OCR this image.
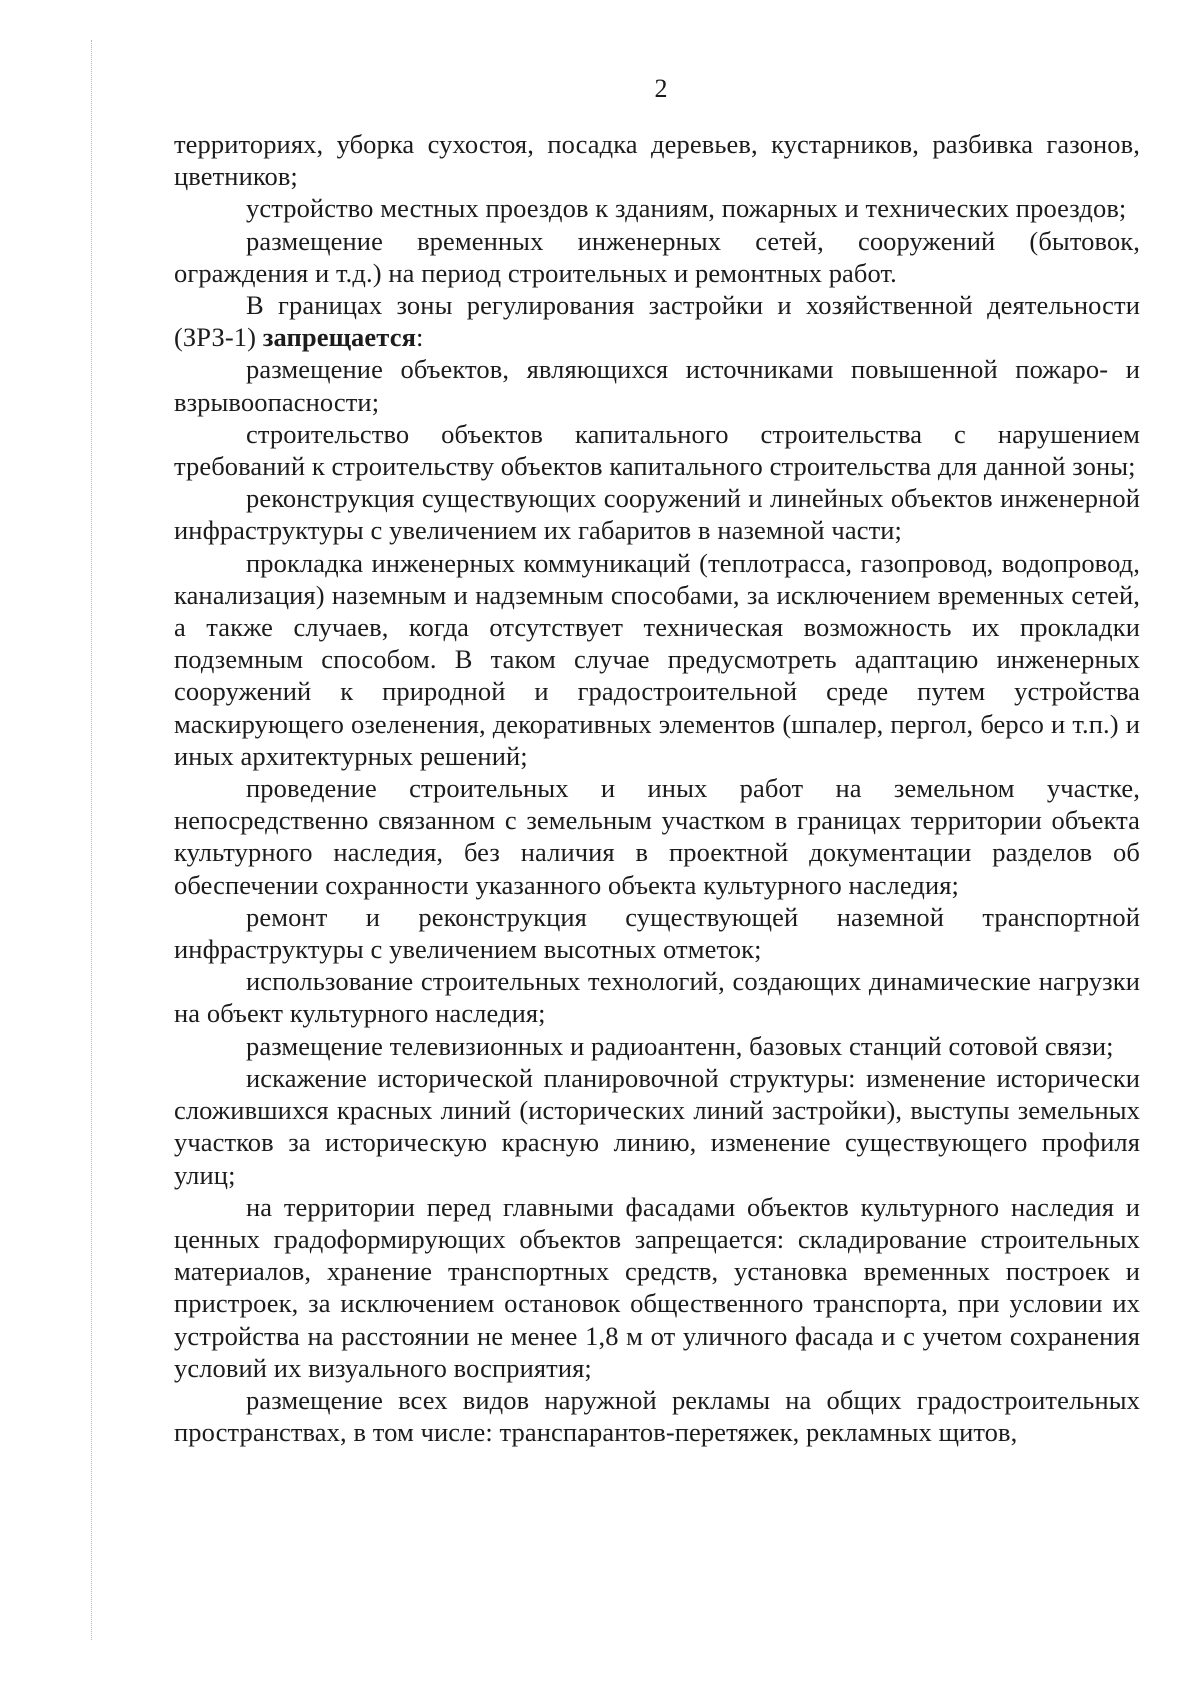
2

территориях, уборка сухостоя, посадка деревьев, кустарников, разбивка газонов, цветников;

устройство местных проездов к зданиям, пожарных и технических проездов;

размещение временных инженерных сетей, сооружений (бытовок, ограждения и т.д.) на период строительных и ремонтных работ.

В границах зоны регулирования застройки и хозяйственной деятельности (ЗРЗ-1) запрещается:

размещение объектов, являющихся источниками повышенной пожаро- и взрывоопасности;

строительство объектов капитального строительства с нарушением требований к строительству объектов капитального строительства для данной зоны;

реконструкция существующих сооружений и линейных объектов инженерной инфраструктуры с увеличением их габаритов в наземной части;

прокладка инженерных коммуникаций (теплотрасса, газопровод, водопровод, канализация) наземным и надземным способами, за исключением временных сетей, а также случаев, когда отсутствует техническая возможность их прокладки подземным способом. В таком случае предусмотреть адаптацию инженерных сооружений к природной и градостроительной среде путем устройства маскирующего озеленения, декоративных элементов (шпалер, пергол, берсо и т.п.) и иных архитектурных решений;

проведение строительных и иных работ на земельном участке, непосредственно связанном с земельным участком в границах территории объекта культурного наследия, без наличия в проектной документации разделов об обеспечении сохранности указанного объекта культурного наследия;

ремонт и реконструкция существующей наземной транспортной инфраструктуры с увеличением высотных отметок;

использование строительных технологий, создающих динамические нагрузки на объект культурного наследия;

размещение телевизионных и радиоантенн, базовых станций сотовой связи;

искажение исторической планировочной структуры: изменение исторически сложившихся красных линий (исторических линий застройки), выступы земельных участков за историческую красную линию, изменение существующего профиля улиц;

на территории перед главными фасадами объектов культурного наследия и ценных градоформирующих объектов запрещается: складирование строительных материалов, хранение транспортных средств, установка временных построек и пристроек, за исключением остановок общественного транспорта, при условии их устройства на расстоянии не менее 1,8 м от уличного фасада и с учетом сохранения условий их визуального восприятия;

размещение всех видов наружной рекламы на общих градостроительных пространствах, в том числе: транспарантов-перетяжек, рекламных щитов,
